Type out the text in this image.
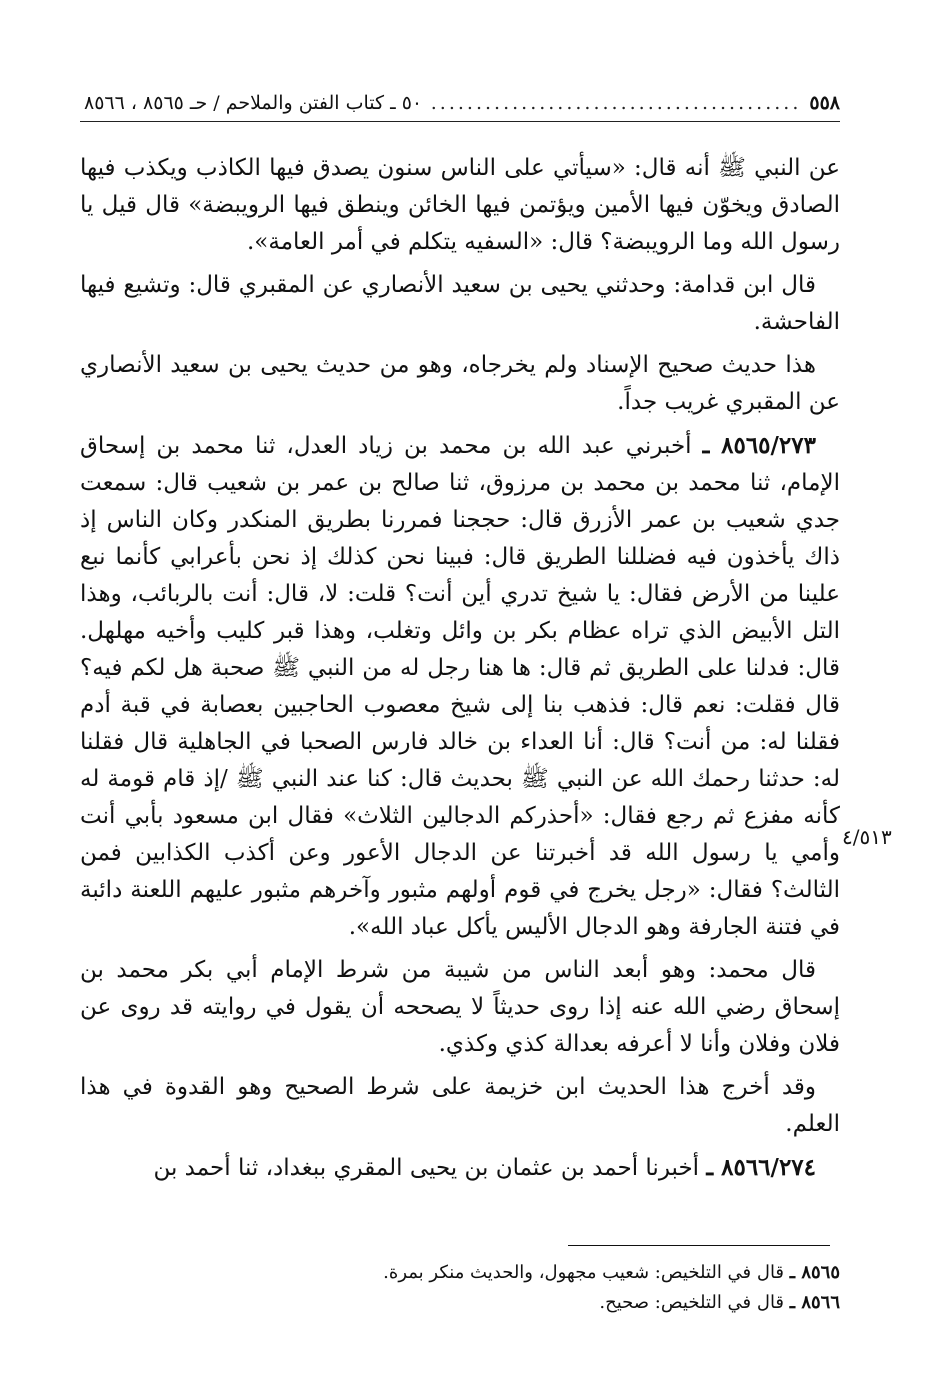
٥٥٨
.....
٥٠ ـ كتاب الفتن والملاحم / حـ ٨٥٦٥ ، ٨٥٦٦

عن النبي ﷺ أنه قال: «سيأتي على الناس سنون يصدق فيها الكاذب ويكذب فيها الصادق ويخوّن فيها الأمين ويؤتمن فيها الخائن وينطق فيها الرويبضة» قال قيل يا رسول الله وما الرويبضة؟ قال: «السفيه يتكلم في أمر العامة».

قال ابن قدامة: وحدثني يحيى بن سعيد الأنصاري عن المقبري قال: وتشيع فيها الفاحشة.

هذا حديث صحيح الإسناد ولم يخرجاه، وهو من حديث يحيى بن سعيد الأنصاري عن المقبري غريب جداً.

٨٥٦٥/٢٧٣ ـ أخبرني عبد الله بن محمد بن زياد العدل، ثنا محمد بن إسحاق الإمام، ثنا محمد بن محمد بن مرزوق، ثنا صالح بن عمر بن شعيب قال: سمعت جدي شعيب بن عمر الأزرق قال: حججنا فمررنا بطريق المنكدر وكان الناس إذ ذاك يأخذون فيه فضللنا الطريق قال: فبينا نحن كذلك إذ نحن بأعرابي كأنما نبع علينا من الأرض فقال: يا شيخ تدري أين أنت؟ قلت: لا، قال: أنت بالربائب، وهذا التل الأبيض الذي تراه عظام بكر بن وائل وتغلب، وهذا قبر كليب وأخيه مهلهل. قال: فدلنا على الطريق ثم قال: ها هنا رجل له من النبي ﷺ صحبة هل لكم فيه؟ قال فقلت: نعم قال: فذهب بنا إلى شيخ معصوب الحاجبين بعصابة في قبة أدم فقلنا له: من أنت؟ قال: أنا العداء بن خالد فارس الصحبا في الجاهلية قال فقلنا له: حدثنا رحمك الله عن النبي ﷺ بحديث قال: كنا عند النبي ﷺ /إذ قام قومة له كأنه مفزع ثم رجع فقال: «أحذركم الدجالين الثلاث» فقال ابن مسعود بأبي أنت وأمي يا رسول الله قد أخبرتنا عن الدجال الأعور وعن أكذب الكذابين فمن الثالث؟ فقال: «رجل يخرج في قوم أولهم مثبور وآخرهم مثبور عليهم اللعنة دائبة في فتنة الجارفة وهو الدجال الأليس يأكل عباد الله».

قال محمد: وهو أبعد الناس من شيبة من شرط الإمام أبي بكر محمد بن إسحاق رضي الله عنه إذا روى حديثاً لا يصححه أن يقول في روايته قد روى عن فلان وفلان وأنا لا أعرفه بعدالة كذي وكذي.

وقد أخرج هذا الحديث ابن خزيمة على شرط الصحيح وهو القدوة في هذا العلم.

٨٥٦٦/٢٧٤ ـ أخبرنا أحمد بن عثمان بن يحيى المقري ببغداد، ثنا أحمد بن

٤/٥١٣

٨٥٦٥ ـ قال في التلخيص: شعيب مجهول، والحديث منكر بمرة.

٨٥٦٦ ـ قال في التلخيص: صحيح.
